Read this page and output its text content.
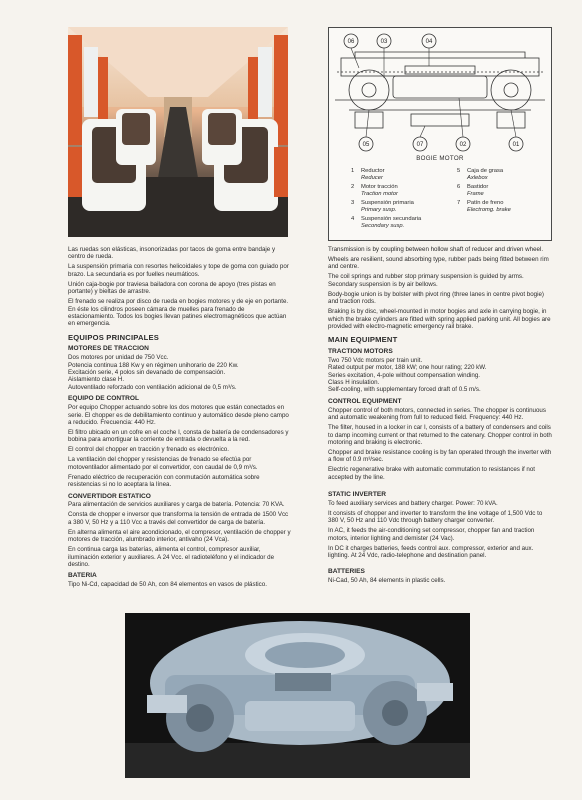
06	03	04
05	07	02	01
BOGIE MOTOR
1 Reductor
Reducer
2 Motor tracción
Traction motor
3 Suspensión primaria
Primary susp.
4 Suspensión secundaria
Secondary susp.
5 Caja de grasa
Axlebox
6 Bastidor
Frame
7 Patín de freno
Electromg. brake

Las ruedas son elásticas, insonorizadas por tacos de goma entre bandaje y centro de rueda.

La suspensión primaria con resortes helicoidales y tope de goma con guiado por brazo. La secundaria es por fuelles neumáticos.

Unión caja-bogie por traviesa bailadora con corona de apoyo (tres pistas en portante) y bieltas de arrastre.

El frenado se realiza por disco de rueda en bogies motores y de eje en portante. En éste los cilindros poseen cámara de muelles para frenado de estacionamiento. Todos los bogies llevan patines electromagnéticos que actúan en emergencia.

EQUIPOS PRINCIPALES
MOTORES DE TRACCION

Dos motores por unidad de 750 Vcc.
Potencia continua 188 Kw y en régimen unihorario de 220 Kw.
Excitación serie, 4 polos sin devanado de compensación.
Aislamiento clase H.
Autoventilado reforzado con ventilación adicional de 0,5 m³/s.

EQUIPO DE CONTROL

Por equipo Chopper actuando sobre los dos motores que están conectados en serie. El chopper es de debilitamiento continuo y automático desde pleno campo a reducido. Frecuencia: 440 Hz.

El filtro ubicado en un cofre en el coche I, consta de batería de condensadores y bobina para amortiguar la corriente de entrada o devuelta a la red.

El control del chopper en tracción y frenado es electrónico.

La ventilación del chopper y resistencias de frenado se efectúa por motoventilador alimentado por el convertidor, con caudal de 0,9 m³/s.

Frenado eléctrico de recuperación con conmutación automática sobre resistencias si no lo aceptara la línea.

CONVERTIDOR ESTATICO

Para alimentación de servicios auxiliares y carga de batería. Potencia: 70 KVA.

Consta de chopper e inversor que transforma la tensión de entrada de 1500 Vcc a 380 V, 50 Hz y a 110 Vcc a través del convertidor de carga de batería.

En alterna alimenta el aire acondicionado, el compresor, ventilación de chopper y motores de tracción, alumbrado interior, antivaho (24 Vca).

En continua carga las baterías, alimenta el control, compresor auxiliar, iluminación exterior y auxiliares. A 24 Vcc. el radioteléfono y el indicador de destino.

BATERIA

Tipo Ni-Cd, capacidad de 50 Ah, con 84 elementos en vasos de plástico.

Transmission is by coupling between hollow shaft of reducer and driven wheel.

Wheels are resilient, sound absorbing type, rubber pads being fitted between rim and centre.

The coil springs and rubber stop primary suspension is guided by arms. Secondary suspension is by air bellows.

Body-bogie union is by bolster with pivot ring (three lanes in centre pivot bogie) and traction rods.

Braking is by disc, wheel-mounted in motor bogies and axle in carrying bogie, in which the brake cylinders are fitted with spring applied parking unit. All bogies are provided with electro-magnetic emergency rail brake.

MAIN EQUIPMENT
TRACTION MOTORS

Two 750 Vdc motors per train unit.
Rated output per motor, 188 kW; one hour rating; 220 kW.
Series excitation, 4-pole without compensation winding.
Class H insulation.
Self-cooling, with supplementary forced draft of 0.5 m/s.

CONTROL EQUIPMENT

Chopper control of both motors, connected in series. The chopper is continuous and automatic weakening from full to reduced field. Frequency: 440 Hz.

The filter, housed in a locker in car I, consists of a battery of condensers and coils to damp incoming current or that returned to the catenary. Chopper control in both motoring and braking is electronic.

Chopper and brake resistance cooling is by fan operated through the inverter with a flow of 0.9 m³/sec.

Electric regenerative brake with automatic commutation to resistances if not accepted by the line.

STATIC INVERTER

To feed auxiliary services and battery charger. Power: 70 kVA.

It consists of chopper and inverter to transform the line voltage of 1,500 Vdc to 380 V, 50 Hz and 110 Vdc through battery charger converter.

In AC, it feeds the air-conditioning set compressor, chopper fan and traction motors, interior lighting and demister (24 Vac).

In DC it charges batteries, feeds control aux. compressor, exterior and aux. lighting. At 24 Vdc, radio-telephone and destination panel.

BATTERIES

Ni-Cad, 50 Ah, 84 elements in plastic cells.
